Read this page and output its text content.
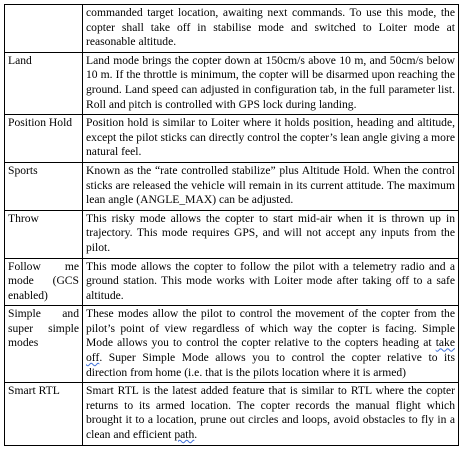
	commanded target location, awaiting next commands. To use this mode, the copter shall take off in stabilise mode and switched to Loiter mode at reasonable altitude.
Land	Land mode brings the copter down at 150cm/s above 10 m, and 50cm/s below 10 m. If the throttle is minimum, the copter will be disarmed upon reaching the ground. Land speed can adjusted in configuration tab, in the full parameter list. Roll and pitch is controlled with GPS lock during landing.
Position Hold	Position hold is similar to Loiter where it holds position, heading and altitude, except the pilot sticks can directly control the copter’s lean angle giving a more natural feel.
Sports	Known as the “rate controlled stabilize” plus Altitude Hold. When the control sticks are released the vehicle will remain in its current attitude. The maximum lean angle (ANGLE_MAX) can be adjusted.
Throw	This risky mode allows the copter to start mid-air when it is thrown up in trajectory. This mode requires GPS, and will not accept any inputs from the pilot.
Follow me mode (GCS enabled)	This mode allows the copter to follow the pilot with a telemetry radio and a ground station. This mode works with Loiter mode after taking off to a safe altitude.
Simple and super simple modes	These modes allow the pilot to control the movement of the copter from the pilot’s point of view regardless of which way the copter is facing. Simple Mode allows you to control the copter relative to the copters heading at take off. Super Simple Mode allows you to control the copter relative to its direction from home (i.e. that is the pilots location where it is armed)
Smart RTL	Smart RTL is the latest added feature that is similar to RTL where the copter returns to its armed location. The copter records the manual flight which brought it to a location, prune out circles and loops, avoid obstacles to fly in a clean and efficient path.
